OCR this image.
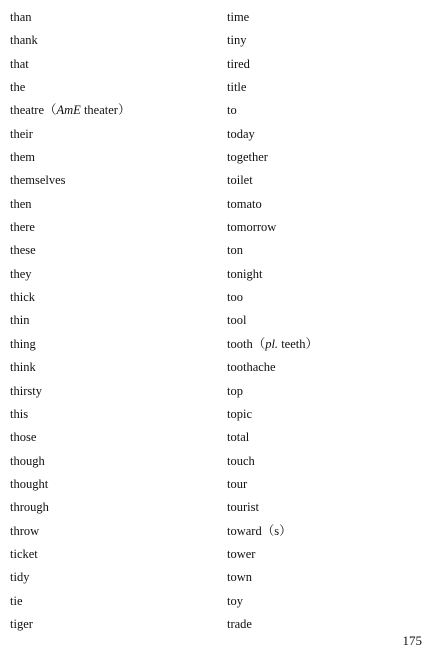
than
thank
that
the
theatre（AmE theater）
their
them
themselves
then
there
these
they
thick
thin
thing
think
thirsty
this
those
though
thought
through
throw
ticket
tidy
tie
tiger
time
tiny
tired
title
to
today
together
toilet
tomato
tomorrow
ton
tonight
too
tool
tooth（pl. teeth）
toothache
top
topic
total
touch
tour
tourist
toward（s）
tower
town
toy
trade
175
